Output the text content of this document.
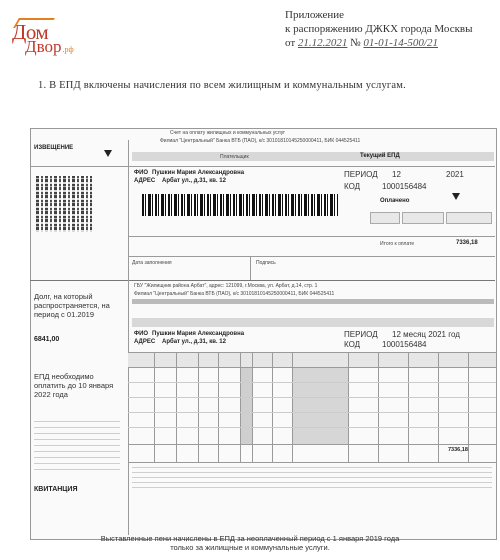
Дом
Двор.рф
Приложение
к распоряжению ДЖКХ города Москвы
от 21.12.2021 № 01-01-14-500/21
1. В ЕПД включены начисления по всем жилищным и коммунальным услугам.
Счет на оплату жилищных и коммунальных услуг
Филиал "Центральный" Банка ВТБ (ПАО), к/с 30101810145250000411, БИК 044525411
ИЗВЕЩЕНИЕ
Плательщик	Текущий ЕПД
ФИО Пушкин Мария Александровна
АДРЕС Арбат ул., д.31, кв. 12
ПЕРИОД 12	2021
КОД	1000156484
Оплачено
Итого к оплате	7336,18
Дата заполнения	Подпись
ГБУ "Жилищник района Арбат", адрес: 121099, г.Москва, ул. Арбат, д.14, стр. 1
Филиал "Центральный" Банка ВТБ (ПАО), к/с 30101810145250000411, БИК 044525411
Долг, на который распространяется, на период с 01.2019
6841,00
ЕПД необходимо оплатить до 10 января 2022 года
КВИТАНЦИЯ
ФИО Пушкин Мария Александровна
АДРЕС Арбат ул., д.31, кв. 12
ПЕРИОД 12 месяц 2021 год
КОД	1000156484
7336,18
Выставленные пени начислены в ЕПД за неоплаченный период с 1 января 2019 года
только за жилищные и коммунальные услуги.
